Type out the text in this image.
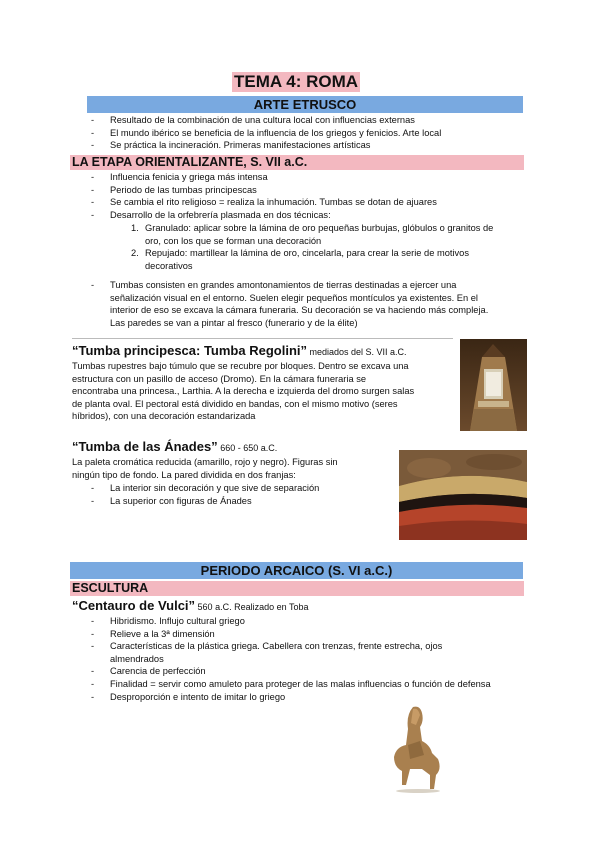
TEMA 4: ROMA
ARTE ETRUSCO
- Resultado de la combinación de una cultura local con influencias externas
- El mundo ibérico se beneficia de la influencia de los griegos y fenicios. Arte local
- Se práctica la incineración. Primeras manifestaciones artísticas
LA ETAPA ORIENTALIZANTE, S. VII a.C.
- Influencia fenicia y griega más intensa
- Periodo de las tumbas principescas
- Se cambia el rito religioso = realiza la inhumación. Tumbas se dotan de ajuares
- Desarrollo de la orfebrería plasmada en dos técnicas:
1. Granulado: aplicar sobre la lámina de oro pequeñas burbujas, glóbulos o granitos de
oro, con los que se forman una decoración
2. Repujado: martillear la lámina de oro, cincelarla, para crear la serie de motivos
decorativos
- Tumbas consisten en grandes amontonamientos de tierras destinadas a ejercer una
señalización visual en el entorno. Suelen elegir pequeños montículos ya existentes. En el
interior de eso se excava la cámara funeraria. Su decoración se va haciendo más compleja.
Las paredes se van a pintar al fresco (funerario y de la élite)
“Tumba principesca: Tumba Regolini” mediados del S. VII a.C.
Tumbas rupestres bajo túmulo que se recubre por bloques. Dentro se excava una
estructura con un pasillo de acceso (Dromo). En la cámara funeraria se
encontraba una princesa., Larthia. A la derecha e izquierda del dromo surgen salas
de planta oval. El pectoral está dividido en bandas, con el mismo motivo (seres
híbridos), con una decoración estandarizada
“Tumba de las Ánades” 660 - 650 a.C.
La paleta cromática reducida (amarillo, rojo y negro). Figuras sin
ningún tipo de fondo. La pared dividida en dos franjas:
- La interior sin decoración y que sive de separación
- La superior con figuras de Ánades
PERIODO ARCAICO (S. VI a.C.)
ESCULTURA
“Centauro de Vulci” 560 a.C. Realizado en Toba
- Hibridismo. Influjo cultural griego
- Relieve a la 3ª dimensión
- Características de la plástica griega. Cabellera con trenzas, frente estrecha, ojos
almendrados
- Carencia de perfección
- Finalidad = servir como amuleto para proteger de las malas influencias o función de defensa
- Desproporción e intento de imitar lo griego
